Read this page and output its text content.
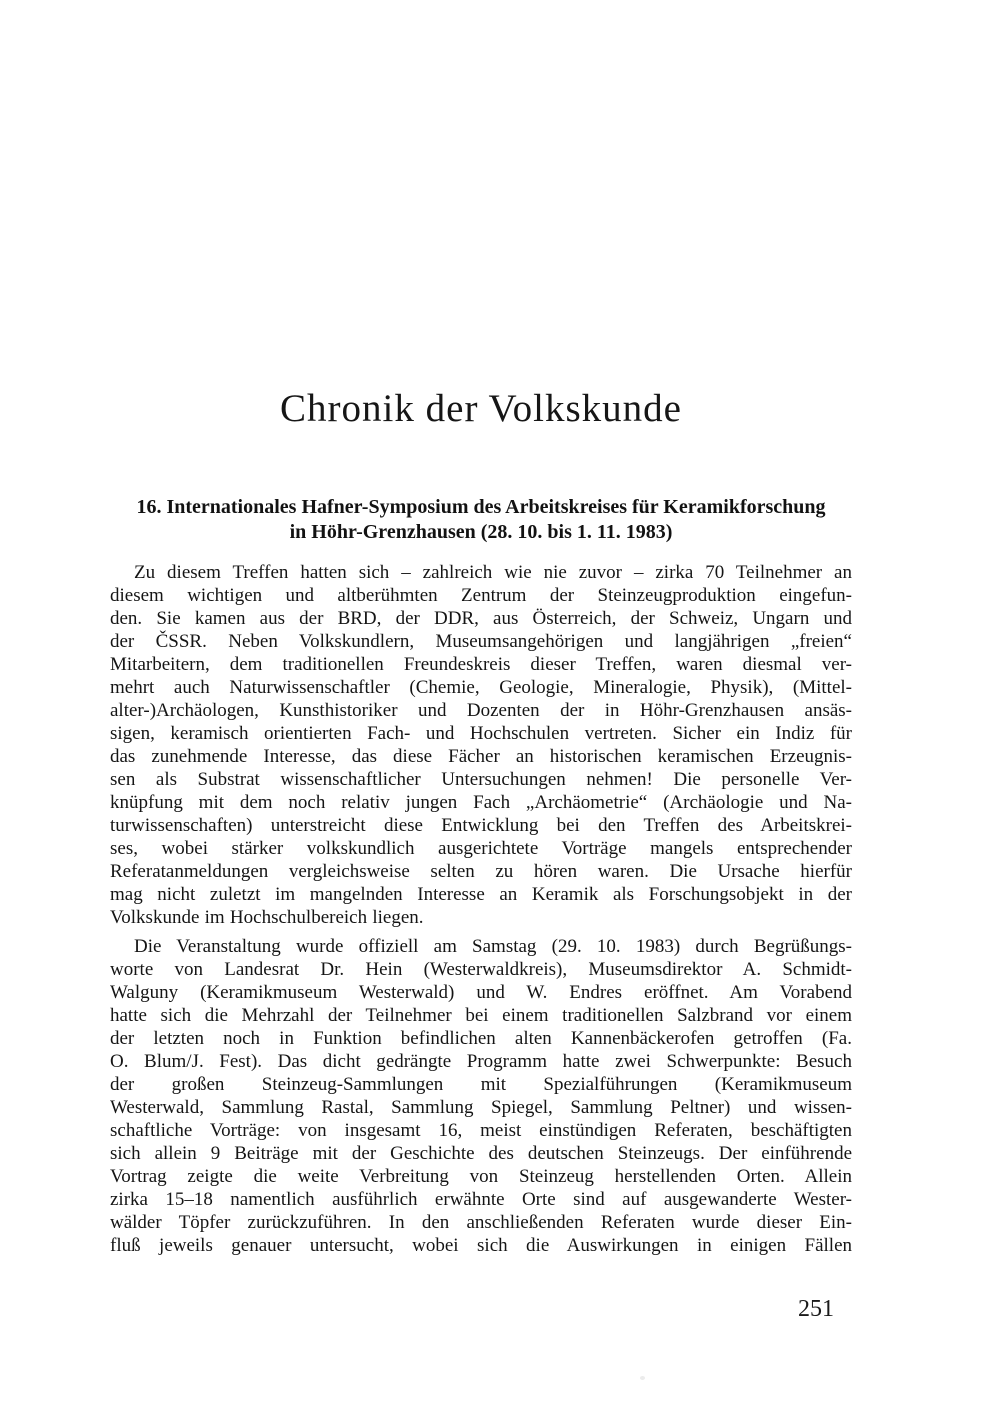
Chronik der Volkskunde
16. Internationales Hafner-Symposium des Arbeitskreises für Keramikforschung
in Höhr-Grenzhausen (28. 10. bis 1. 11. 1983)
Zu diesem Treffen hatten sich – zahlreich wie nie zuvor – zirka 70 Teilnehmer an
diesem wichtigen und altberühmten Zentrum der Steinzeugproduktion eingefun-
den. Sie kamen aus der BRD, der DDR, aus Österreich, der Schweiz, Ungarn und
der ČSSR. Neben Volkskundlern, Museumsangehörigen und langjährigen „freien“
Mitarbeitern, dem traditionellen Freundeskreis dieser Treffen, waren diesmal ver-
mehrt auch Naturwissenschaftler (Chemie, Geologie, Mineralogie, Physik), (Mittel-
alter-)Archäologen, Kunsthistoriker und Dozenten der in Höhr-Grenzhausen ansäs-
sigen, keramisch orientierten Fach- und Hochschulen vertreten. Sicher ein Indiz für
das zunehmende Interesse, das diese Fächer an historischen keramischen Erzeugnis-
sen als Substrat wissenschaftlicher Untersuchungen nehmen! Die personelle Ver-
knüpfung mit dem noch relativ jungen Fach „Archäometrie“ (Archäologie und Na-
turwissenschaften) unterstreicht diese Entwicklung bei den Treffen des Arbeitskrei-
ses, wobei stärker volkskundlich ausgerichtete Vorträge mangels entsprechender
Referatanmeldungen vergleichsweise selten zu hören waren. Die Ursache hierfür
mag nicht zuletzt im mangelnden Interesse an Keramik als Forschungsobjekt in der
Volkskunde im Hochschulbereich liegen.
Die Veranstaltung wurde offiziell am Samstag (29. 10. 1983) durch Begrüßungs-
worte von Landesrat Dr. Hein (Westerwaldkreis), Museumsdirektor A. Schmidt-
Walguny (Keramikmuseum Westerwald) und W. Endres eröffnet. Am Vorabend
hatte sich die Mehrzahl der Teilnehmer bei einem traditionellen Salzbrand vor einem
der letzten noch in Funktion befindlichen alten Kannenbäckerofen getroffen (Fa.
O. Blum/J. Fest). Das dicht gedrängte Programm hatte zwei Schwerpunkte: Besuch
der großen Steinzeug-Sammlungen mit Spezialführungen (Keramikmuseum
Westerwald, Sammlung Rastal, Sammlung Spiegel, Sammlung Peltner) und wissen-
schaftliche Vorträge: von insgesamt 16, meist einstündigen Referaten, beschäftigten
sich allein 9 Beiträge mit der Geschichte des deutschen Steinzeugs. Der einführende
Vortrag zeigte die weite Verbreitung von Steinzeug herstellenden Orten. Allein
zirka 15–18 namentlich ausführlich erwähnte Orte sind auf ausgewanderte Wester-
wälder Töpfer zurückzuführen. In den anschließenden Referaten wurde dieser Ein-
fluß jeweils genauer untersucht, wobei sich die Auswirkungen in einigen Fällen
251
